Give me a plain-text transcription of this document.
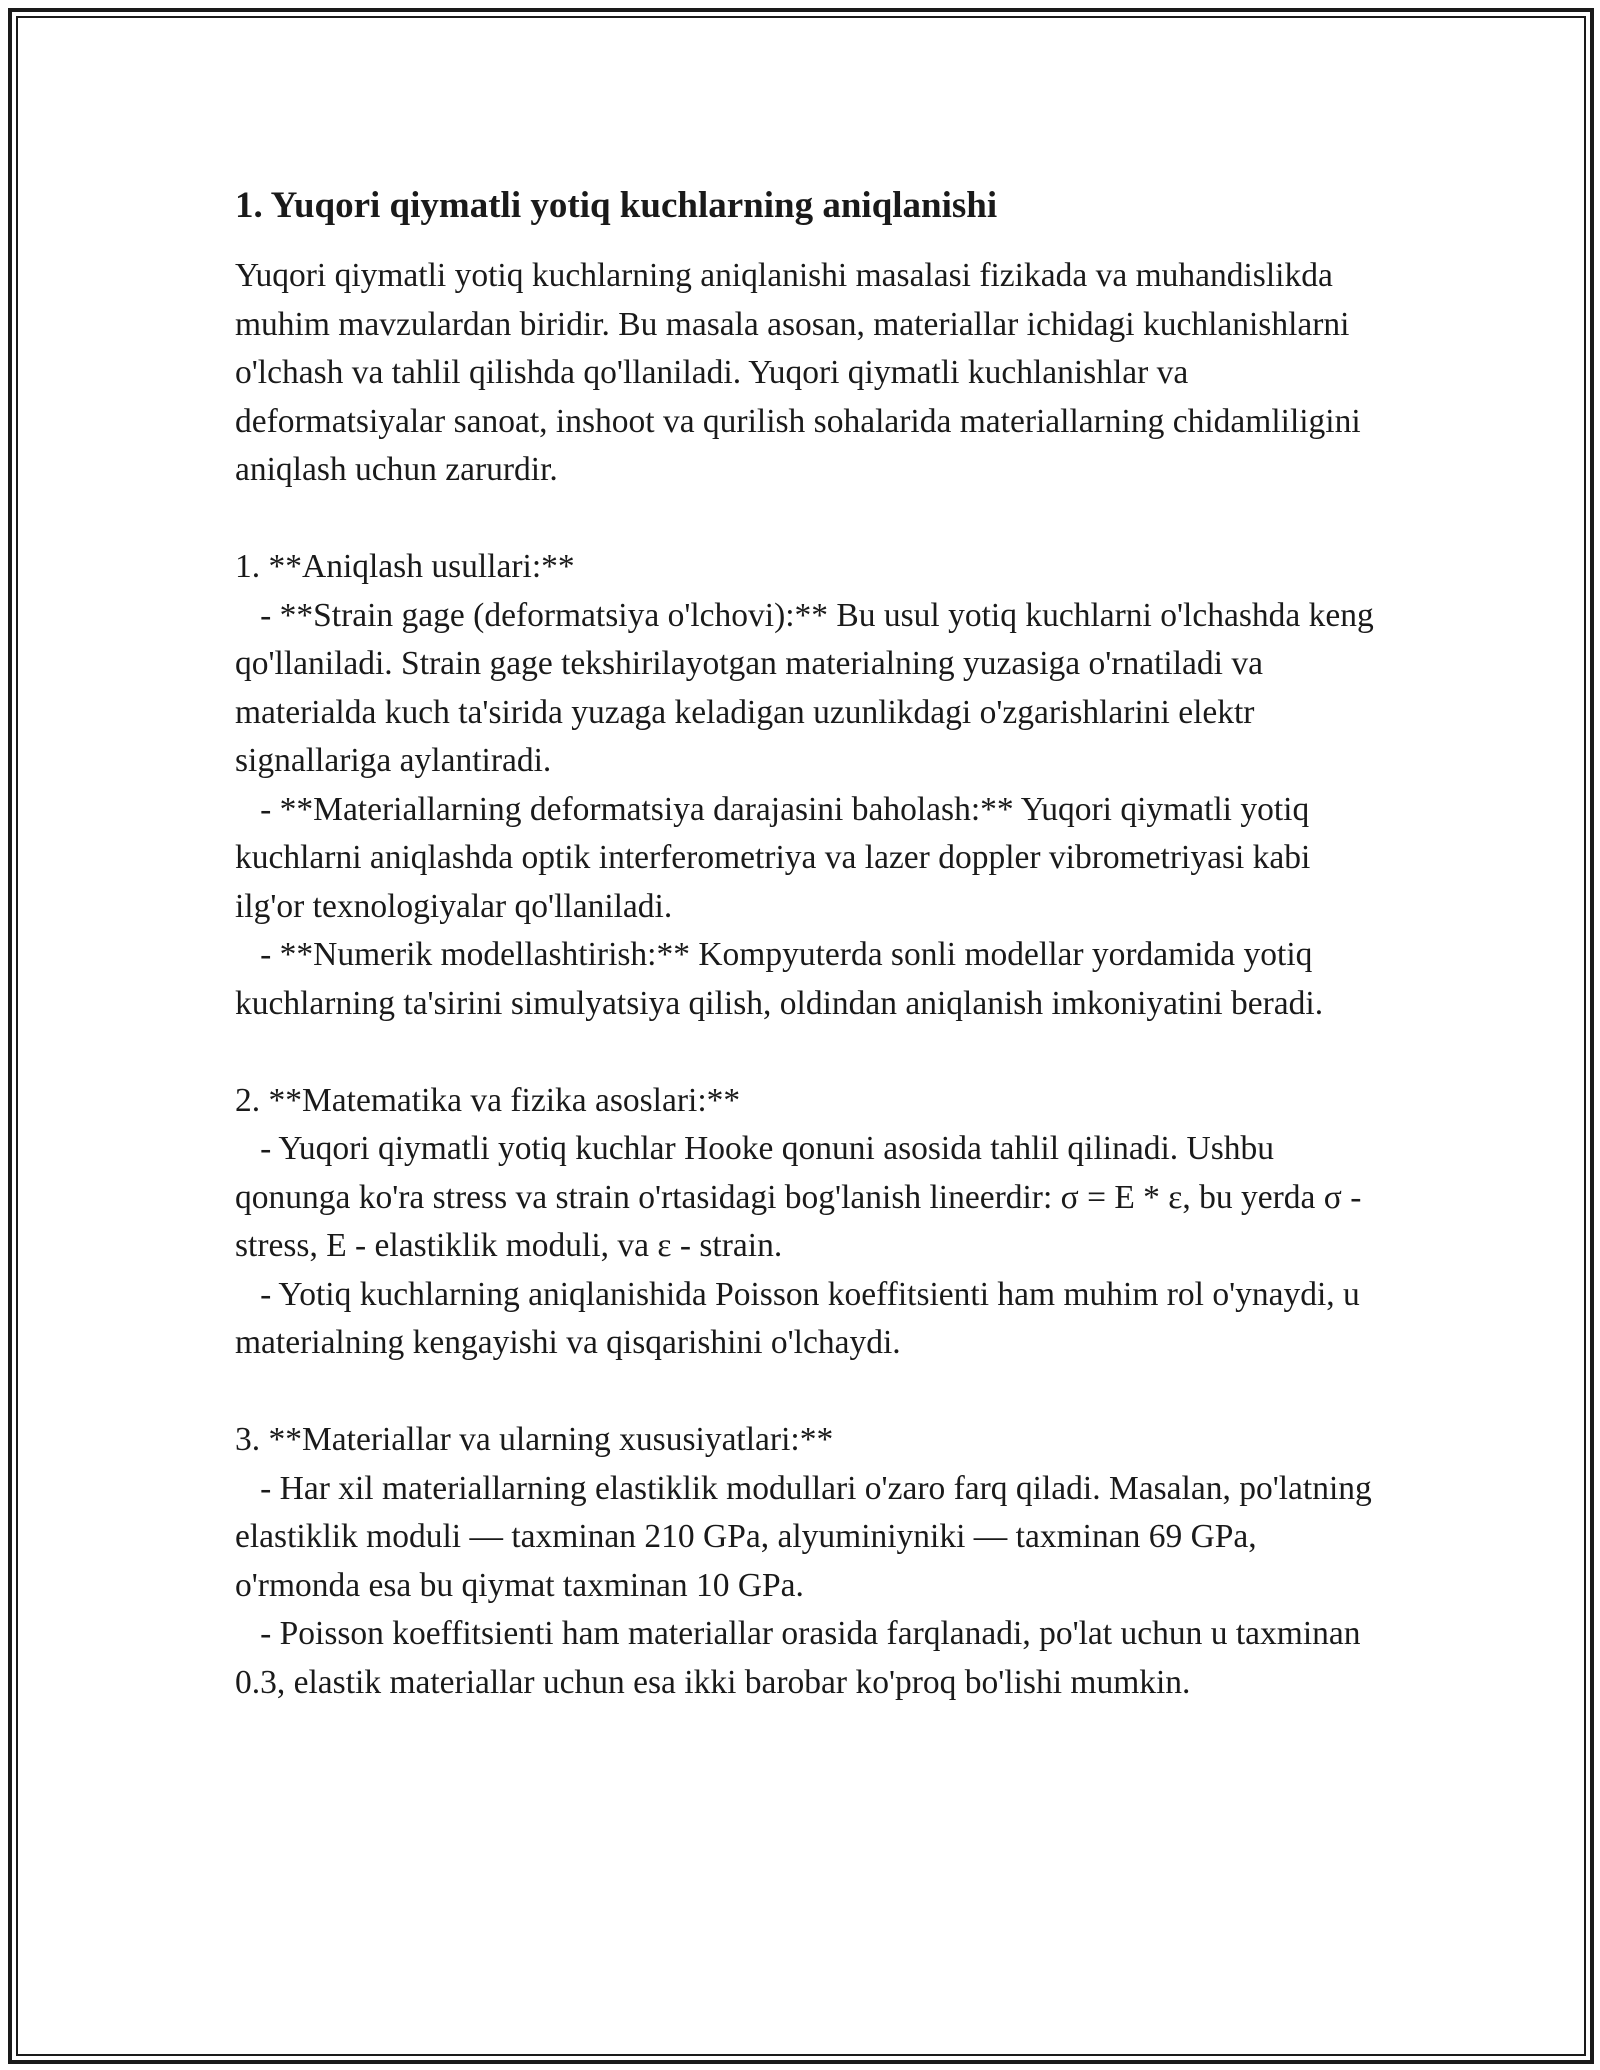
1. Yuqori qiymatli yotiq kuchlarning aniqlanishi

Yuqori qiymatli yotiq kuchlarning aniqlanishi masalasi fizikada va muhandislikda muhim mavzulardan biridir. Bu masala asosan, materiallar ichidagi kuchlanishlarni o'lchash va tahlil qilishda qo'llaniladi. Yuqori qiymatli kuchlanishlar va deformatsiyalar sanoat, inshoot va qurilish sohalarida materiallarning chidamliligini aniqlash uchun zarurdir.

1. **Aniqlash usullari:**

- **Strain gage (deformatsiya o'lchovi):** Bu usul yotiq kuchlarni o'lchashda keng qo'llaniladi. Strain gage tekshirilayotgan materialning yuzasiga o'rnatiladi va materialda kuch ta'sirida yuzaga keladigan uzunlikdagi o'zgarishlarini elektr signallariga aylantiradi.

- **Materiallarning deformatsiya darajasini baholash:** Yuqori qiymatli yotiq kuchlarni aniqlashda optik interferometriya va lazer doppler vibrometriyasi kabi ilg'or texnologiyalar qo'llaniladi.

- **Numerik modellashtirish:** Kompyuterda sonli modellar yordamida yotiq kuchlarning ta'sirini simulyatsiya qilish, oldindan aniqlanish imkoniyatini beradi.

2. **Matematika va fizika asoslari:**

- Yuqori qiymatli yotiq kuchlar Hooke qonuni asosida tahlil qilinadi. Ushbu qonunga ko'ra stress va strain o'rtasidagi bog'lanish lineerdir: σ = E * ε, bu yerda σ - stress, E - elastiklik moduli, va ε - strain.

- Yotiq kuchlarning aniqlanishida Poisson koeffitsienti ham muhim rol o'ynaydi, u materialning kengayishi va qisqarishini o'lchaydi.

3. **Materiallar va ularning xususiyatlari:**

- Har xil materiallarning elastiklik modullari o'zaro farq qiladi. Masalan, po'latning elastiklik moduli — taxminan 210 GPa, alyuminiyniki — taxminan 69 GPa, o'rmonda esa bu qiymat taxminan 10 GPa.

- Poisson koeffitsienti ham materiallar orasida farqlanadi, po'lat uchun u taxminan 0.3, elastik materiallar uchun esa ikki barobar ko'proq bo'lishi mumkin.
